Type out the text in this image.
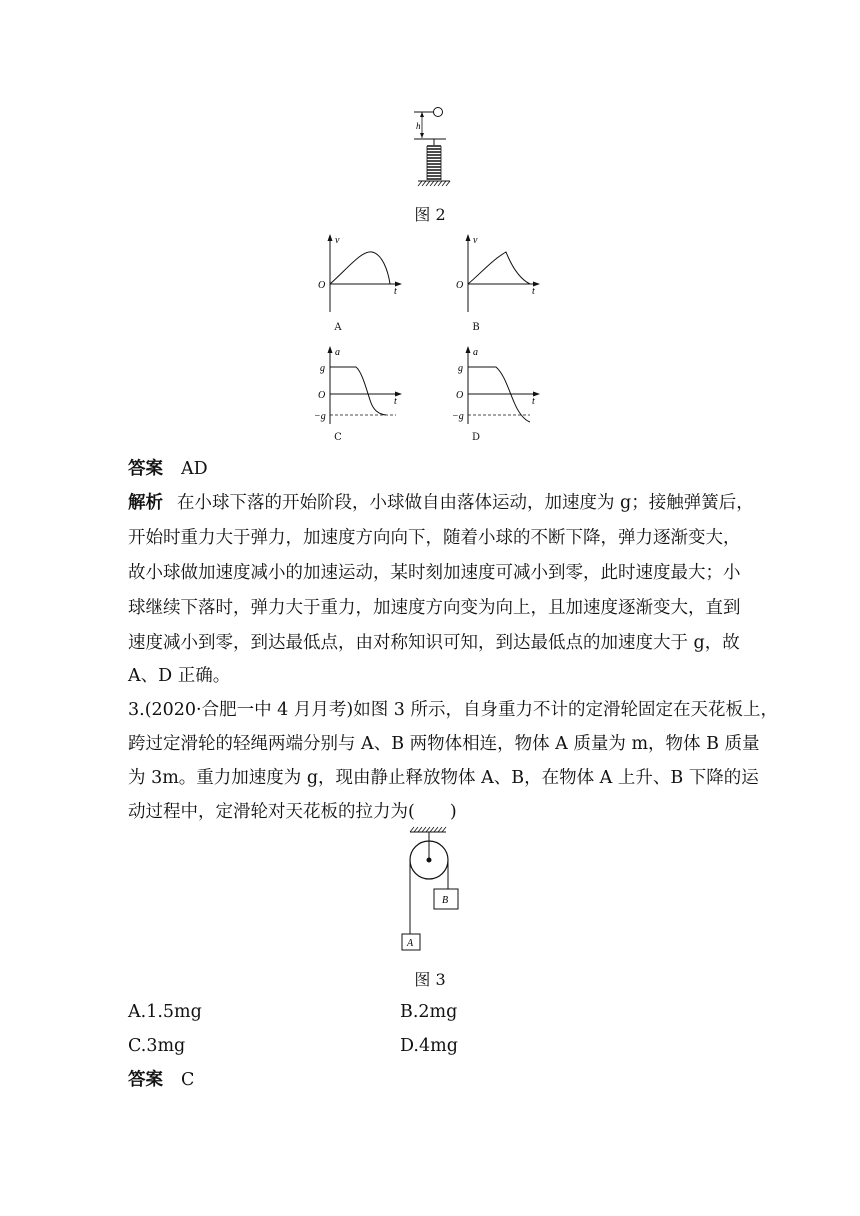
h
图 2
v
t
O
A
v
t
O
B
a
t
O
g
−g
C
a
t
O
g
−g
D
答案 AD
解析 在小球下落的开始阶段，小球做自由落体运动，加速度为 g；接触弹簧后，
开始时重力大于弹力，加速度方向向下，随着小球的不断下降，弹力逐渐变大，
故小球做加速度减小的加速运动，某时刻加速度可减小到零，此时速度最大；小
球继续下落时，弹力大于重力，加速度方向变为向上，且加速度逐渐变大，直到
速度减小到零，到达最低点，由对称知识可知，到达最低点的加速度大于 g，故
A、D 正确。
3.(2020·合肥一中 4 月月考)如图 3 所示，自身重力不计的定滑轮固定在天花板上，
跨过定滑轮的轻绳两端分别与 A、B 两物体相连，物体 A 质量为 m，物体 B 质量
为 3m。重力加速度为 g，现由静止释放物体 A、B，在物体 A 上升、B 下降的运
动过程中，定滑轮对天花板的拉力为(　　)
B
A
图 3
A.1.5mg	B.2mg
C.3mg	D.4mg
答案 C
